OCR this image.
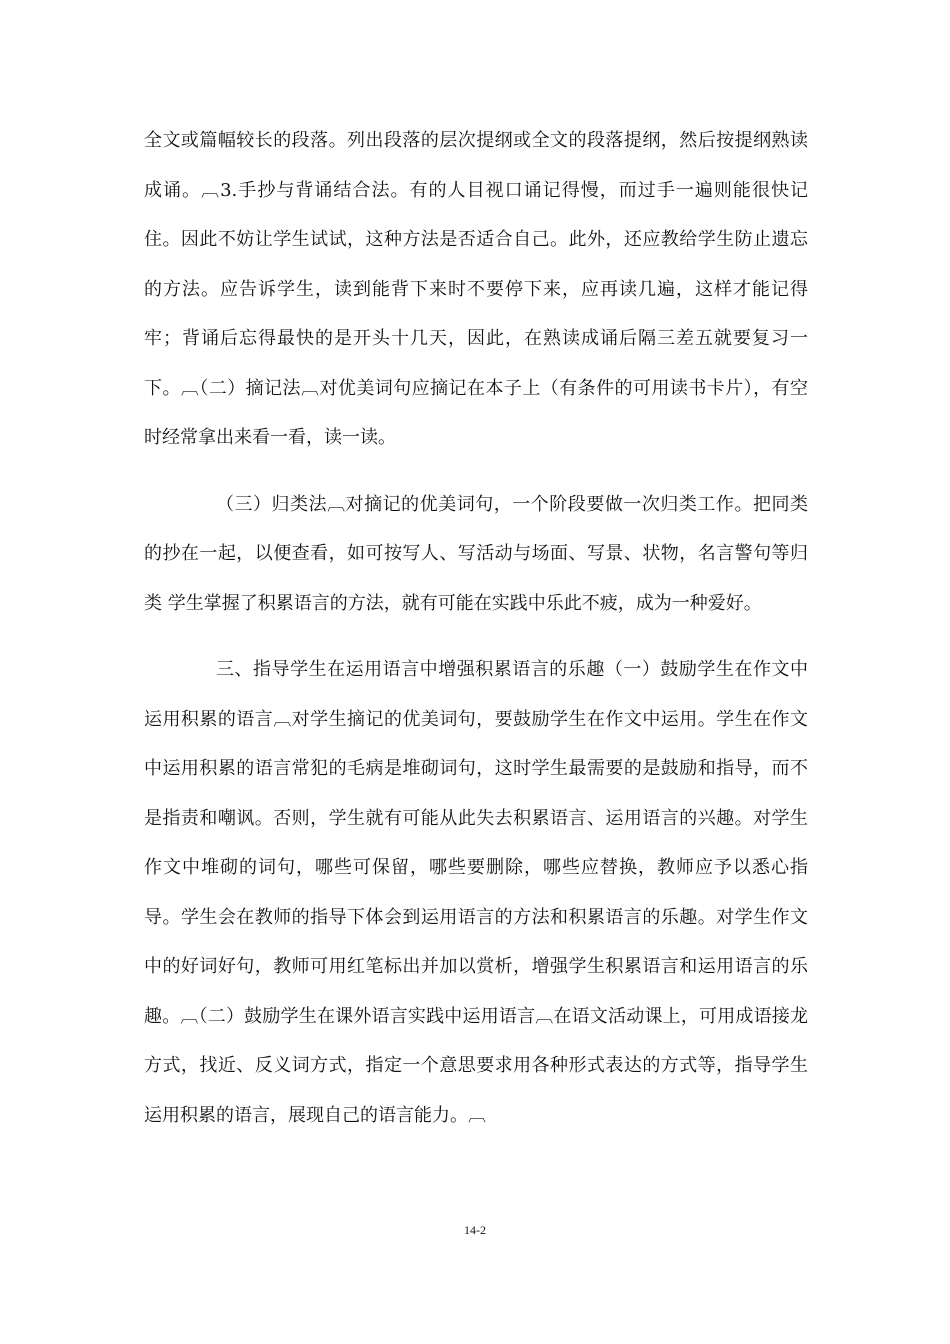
全文或篇幅较长的段落。列出段落的层次提纲或全文的段落提纲，然后按提纲熟读成诵。︹3.手抄与背诵结合法。有的人目视口诵记得慢，而过手一遍则能很快记住。因此不妨让学生试试，这种方法是否适合自己。此外，还应教给学生防止遗忘的方法。应告诉学生，读到能背下来时不要停下来，应再读几遍，这样才能记得牢；背诵后忘得最快的是开头十几天，因此，在熟读成诵后隔三差五就要复习一下。︹（二）摘记法︹对优美词句应摘记在本子上（有条件的可用读书卡片），有空时经常拿出来看一看，读一读。

（三）归类法︹对摘记的优美词句，一个阶段要做一次归类工作。把同类的抄在一起，以便查看，如可按写人、写活动与场面、写景、状物，名言警句等归类 学生掌握了积累语言的方法，就有可能在实践中乐此不疲，成为一种爱好。

三、指导学生在运用语言中增强积累语言的乐趣（一）鼓励学生在作文中运用积累的语言︹对学生摘记的优美词句，要鼓励学生在作文中运用。学生在作文中运用积累的语言常犯的毛病是堆砌词句，这时学生最需要的是鼓励和指导，而不是指责和嘲讽。否则，学生就有可能从此失去积累语言、运用语言的兴趣。对学生作文中堆砌的词句，哪些可保留，哪些要删除，哪些应替换，教师应予以悉心指导。学生会在教师的指导下体会到运用语言的方法和积累语言的乐趣。对学生作文中的好词好句，教师可用红笔标出并加以赏析，增强学生积累语言和运用语言的乐趣。︹（二）鼓励学生在课外语言实践中运用语言︹在语文活动课上，可用成语接龙方式，找近、反义词方式，指定一个意思要求用各种形式表达的方式等，指导学生运用积累的语言，展现自己的语言能力。︹

14-2
